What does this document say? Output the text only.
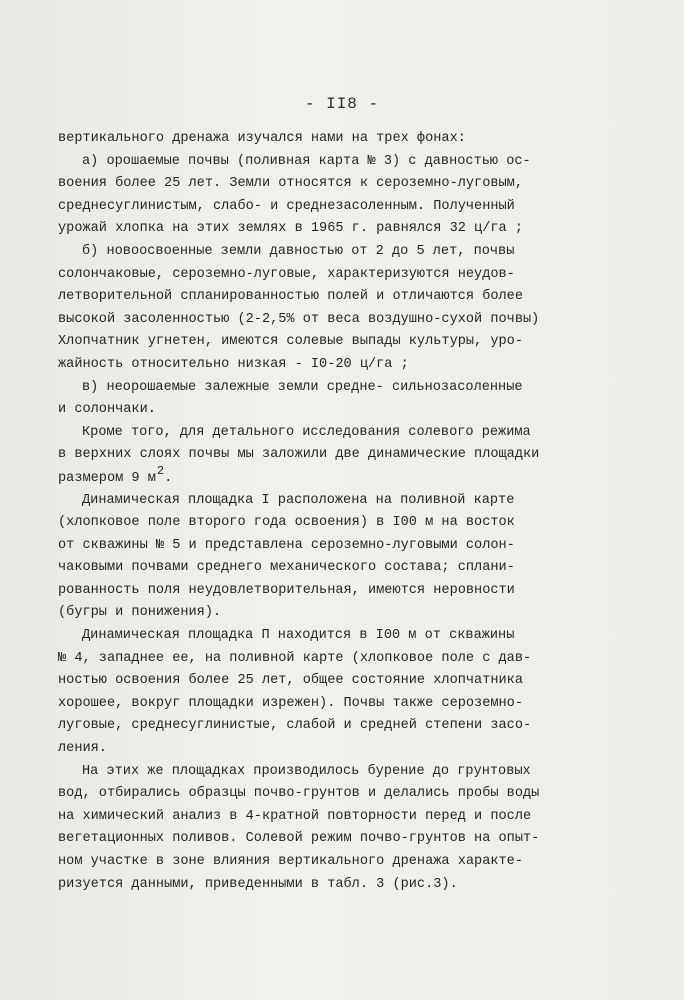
- II8 -
вертикального дренажа изучался нами на трех фонах:
а) орошаемые почвы (поливная карта № 3) с давностью ос-
воения более 25 лет. Земли относятся к сероземно-луговым,
среднесуглинистым, слабо- и среднезасоленным. Полученный
урожай хлопка на этих землях в 1965 г. равнялся 32 ц/га ;
б) новоосвоенные земли давностью от 2 до 5 лет, почвы
солончаковые, сероземно-луговые, характеризуются неудов-
летворительной спланированностью полей и отличаются более
высокой засоленностью (2-2,5% от веса воздушно-сухой почвы)
Хлопчатник угнетен, имеются солевые выпады культуры, уро-
жайность относительно низкая - I0-20 ц/га ;
в) неорошаемые залежные земли средне- сильнозасоленные
и солончаки.
Кроме того, для детального исследования солевого режима
в верхних слоях почвы мы заложили две динамические площадки
размером 9 м2.
Динамическая площадка I расположена на поливной карте
(хлопковое поле второго года освоения) в I00 м на восток
от скважины № 5 и представлена сероземно-луговыми солон-
чаковыми почвами среднего механического состава; сплани-
рованность поля неудовлетворительная, имеются неровности
(бугры и понижения).
Динамическая площадка П находится в I00 м от скважины
№ 4, западнее ее, на поливной карте (хлопковое поле с дав-
ностью освоения более 25 лет, общее состояние хлопчатника
хорошее, вокруг площадки изрежен). Почвы также сероземно-
луговые, среднесуглинистые, слабой и средней степени засо-
ления.
На этих же площадках производилось бурение до грунтовых
вод, отбирались образцы почво-грунтов и делались пробы воды
на химический анализ в 4-кратной повторности перед и после
вегетационных поливов. Солевой режим почво-грунтов на опыт-
ном участке в зоне влияния вертикального дренажа характе-
ризуется данными, приведенными в табл. 3 (рис.3).
